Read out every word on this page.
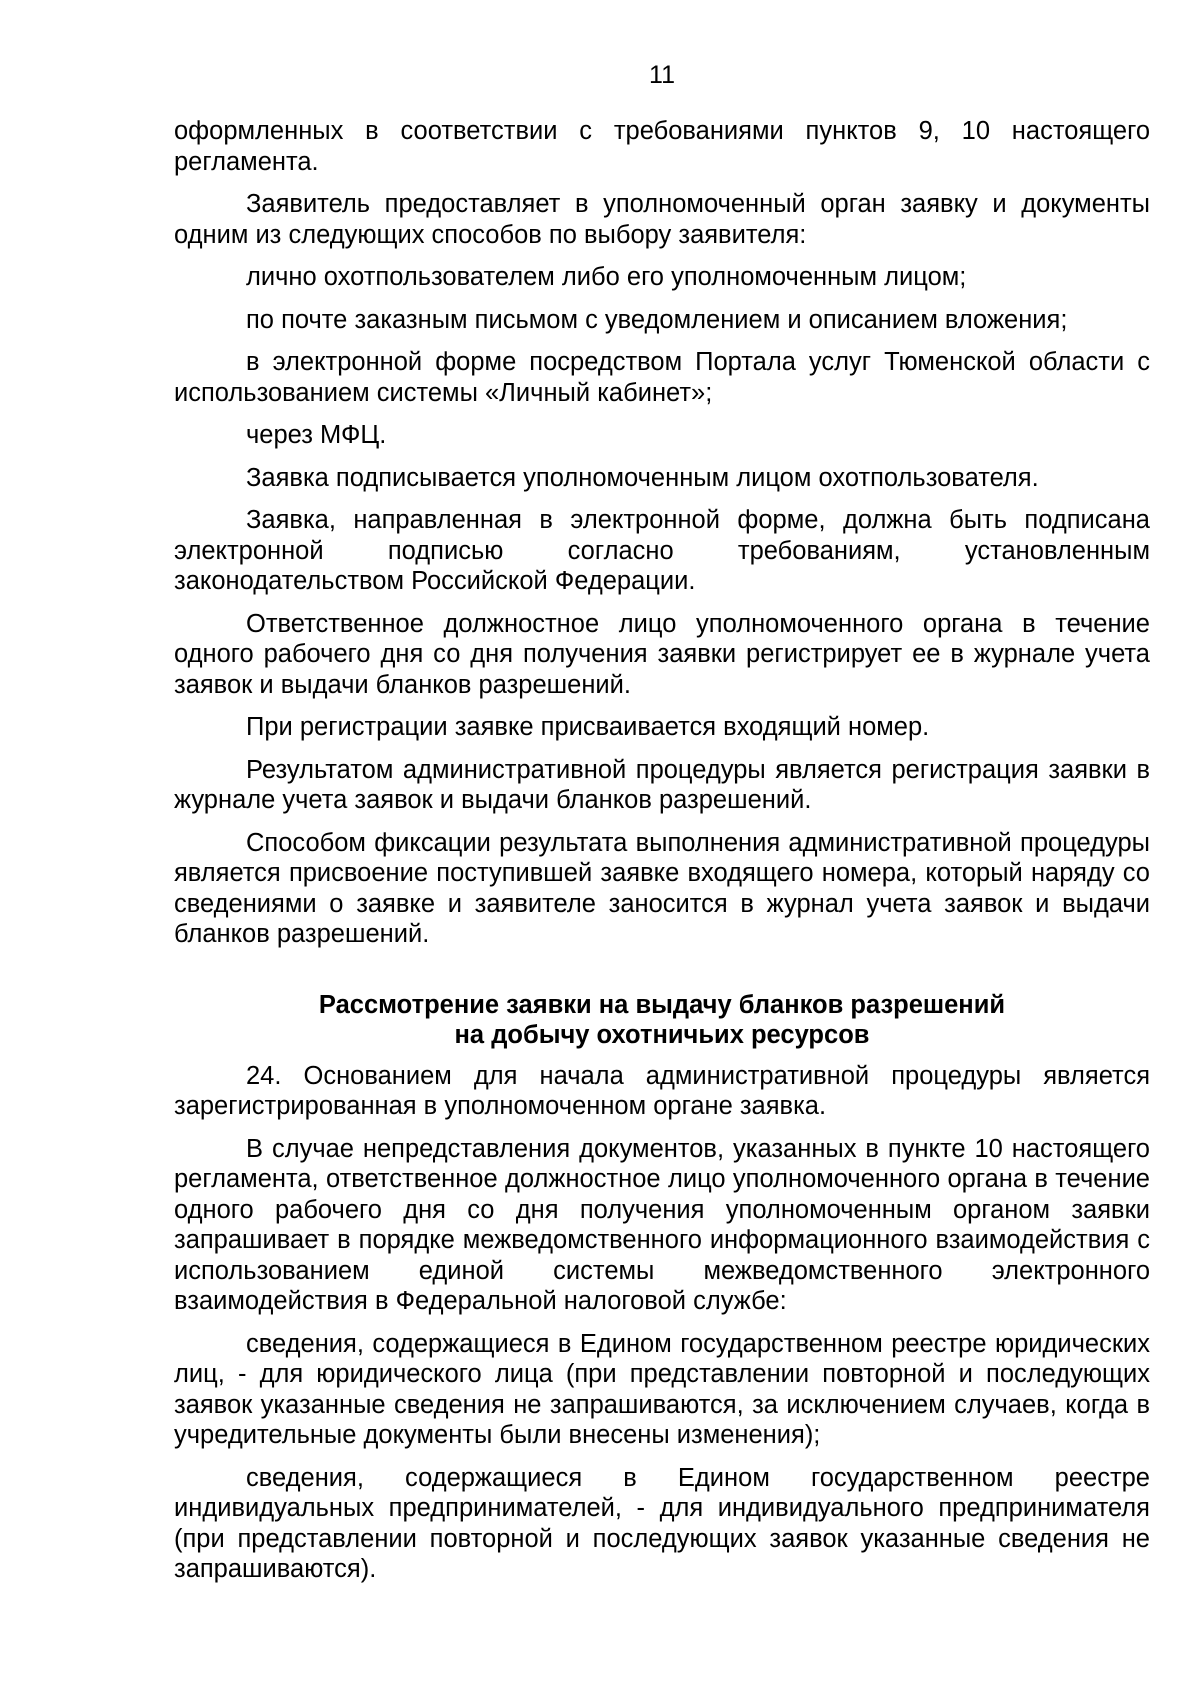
11

оформленных в соответствии с требованиями пунктов 9, 10 настоящего регламента.

Заявитель предоставляет в уполномоченный орган заявку и документы одним из следующих способов по выбору заявителя:

лично охотпользователем либо его уполномоченным лицом;

по почте заказным письмом с уведомлением и описанием вложения;

в электронной форме посредством Портала услуг Тюменской области с использованием системы «Личный кабинет»;

через МФЦ.

Заявка подписывается уполномоченным лицом охотпользователя.

Заявка, направленная в электронной форме, должна быть подписана электронной подписью согласно требованиям, установленным законодательством Российской Федерации.

Ответственное должностное лицо уполномоченного органа в течение одного рабочего дня со дня получения заявки регистрирует ее в журнале учета заявок и выдачи бланков разрешений.

При регистрации заявке присваивается входящий номер.

Результатом административной процедуры является регистрация заявки в журнале учета заявок и выдачи бланков разрешений.

Способом фиксации результата выполнения административной процедуры является присвоение поступившей заявке входящего номера, который наряду со сведениями о заявке и заявителе заносится в журнал учета заявок и выдачи бланков разрешений.

Рассмотрение заявки на выдачу бланков разрешений
на добычу охотничьих ресурсов

24. Основанием для начала административной процедуры является зарегистрированная в уполномоченном органе заявка.

В случае непредставления документов, указанных в пункте 10 настоящего регламента, ответственное должностное лицо уполномоченного органа в течение одного рабочего дня со дня получения уполномоченным органом заявки запрашивает в порядке межведомственного информационного взаимодействия с использованием единой системы межведомственного электронного взаимодействия в Федеральной налоговой службе:

сведения, содержащиеся в Едином государственном реестре юридических лиц, - для юридического лица (при представлении повторной и последующих заявок указанные сведения не запрашиваются, за исключением случаев, когда в учредительные документы были внесены изменения);

сведения, содержащиеся в Едином государственном реестре индивидуальных предпринимателей, - для индивидуального предпринимателя (при представлении повторной и последующих заявок указанные сведения не запрашиваются).
